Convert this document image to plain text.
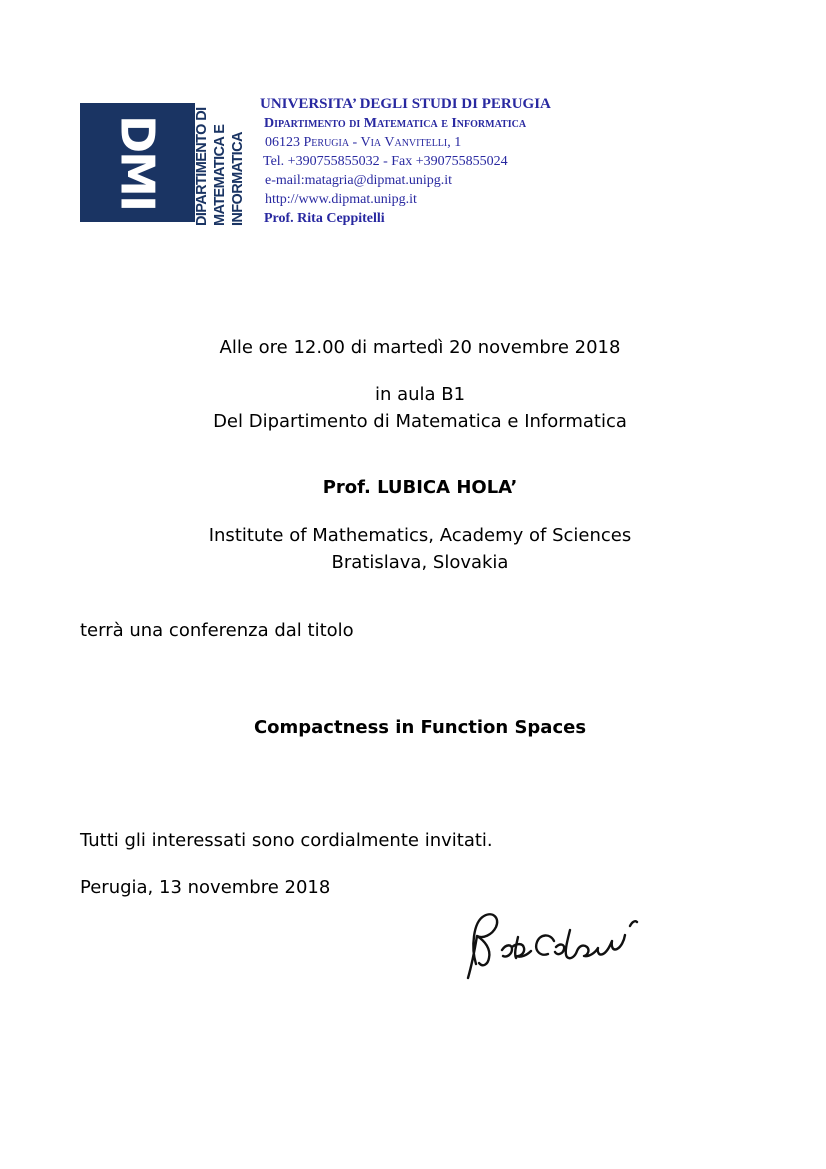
DMI DIPARTIMENTO DI MATEMATICA E INFORMATICA
UNIVERSITA’ DEGLI STUDI DI PERUGIA
Dipartimento di Matematica e Informatica
06123 Perugia - Via Vanvitelli, 1
Tel. +390755855032 - Fax +390755855024
e-mail:matagria@dipmat.unipg.it
http://www.dipmat.unipg.it
Prof. Rita Ceppitelli
Alle ore 12.00 di martedì 20 novembre 2018
in aula B1
Del Dipartimento di Matematica e Informatica
Prof. LUBICA HOLA’
Institute of Mathematics, Academy of Sciences
Bratislava, Slovakia
terrà una conferenza dal titolo
Compactness in Function Spaces
Tutti gli interessati sono cordialmente invitati.
Perugia, 13 novembre 2018
